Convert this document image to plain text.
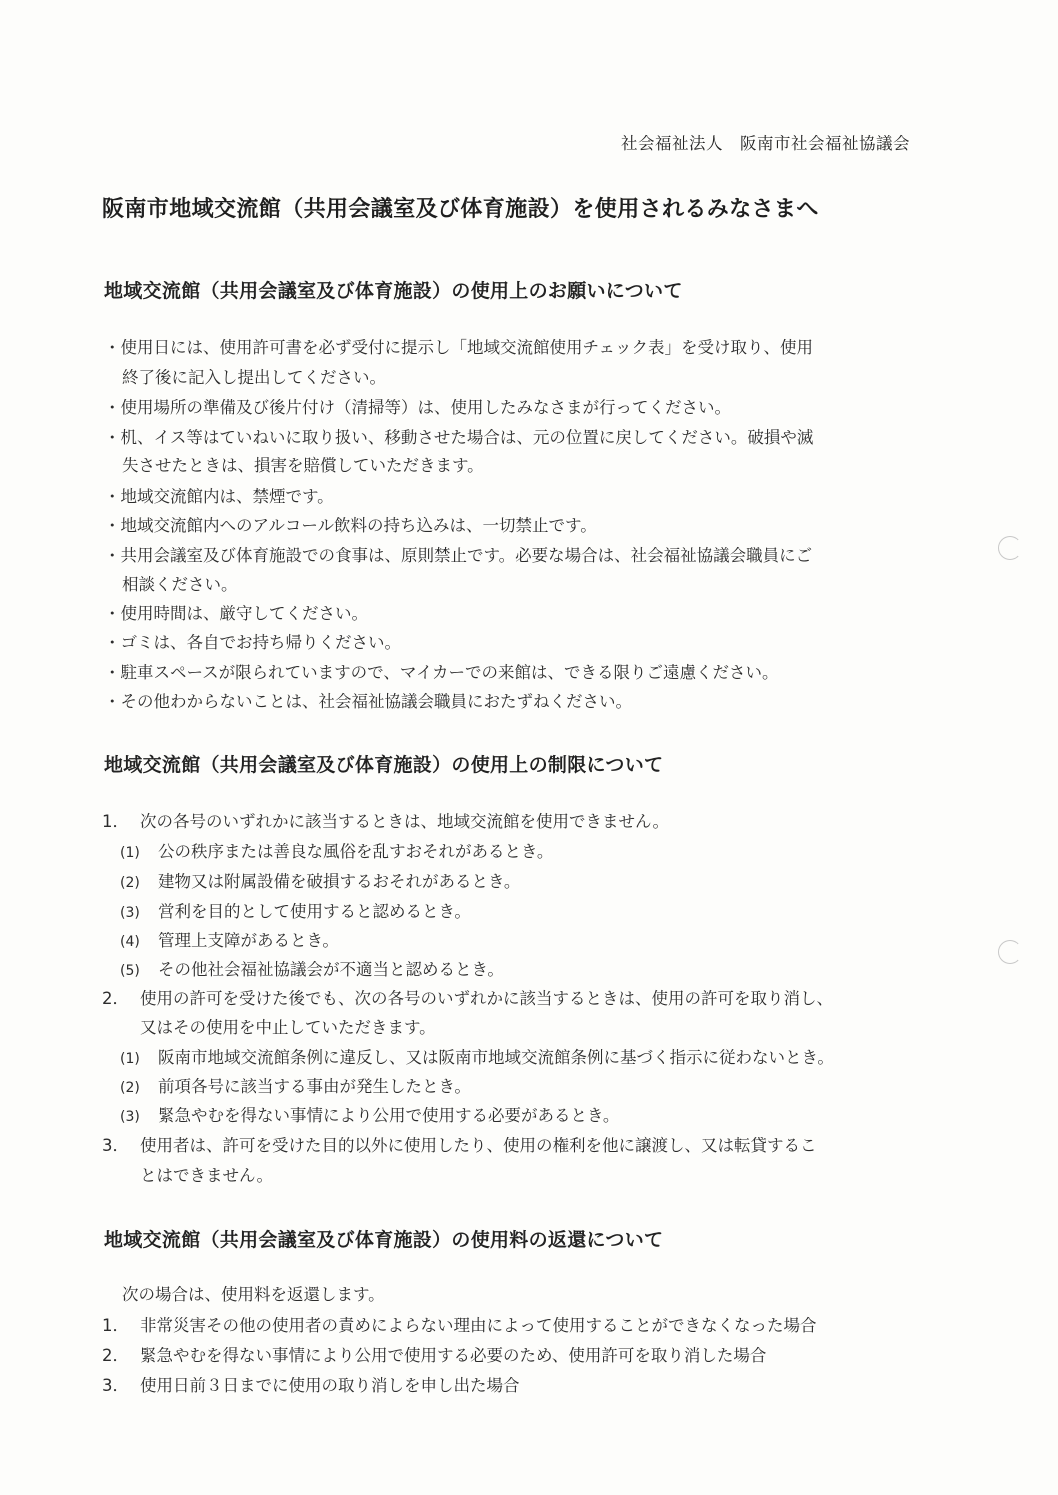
社会福祉法人　阪南市社会福祉協議会
阪南市地域交流館（共用会議室及び体育施設）を使用されるみなさまへ
地域交流館（共用会議室及び体育施設）の使用上のお願いについて
・使用日には、使用許可書を必ず受付に提示し「地域交流館使用チェック表」を受け取り、使用
終了後に記入し提出してください。
・使用場所の準備及び後片付け（清掃等）は、使用したみなさまが行ってください。
・机、イス等はていねいに取り扱い、移動させた場合は、元の位置に戻してください。破損や滅
失させたときは、損害を賠償していただきます。
・地域交流館内は、禁煙です。
・地域交流館内へのアルコール飲料の持ち込みは、一切禁止です。
・共用会議室及び体育施設での食事は、原則禁止です。必要な場合は、社会福祉協議会職員にご
相談ください。
・使用時間は、厳守してください。
・ゴミは、各自でお持ち帰りください。
・駐車スペースが限られていますので、マイカーでの来館は、できる限りご遠慮ください。
・その他わからないことは、社会福祉協議会職員におたずねください。
地域交流館（共用会議室及び体育施設）の使用上の制限について
1． 次の各号のいずれかに該当するときは、地域交流館を使用できません。
(1) 公の秩序または善良な風俗を乱すおそれがあるとき。
(2) 建物又は附属設備を破損するおそれがあるとき。
(3) 営利を目的として使用すると認めるとき。
(4) 管理上支障があるとき。
(5) その他社会福祉協議会が不適当と認めるとき。
2． 使用の許可を受けた後でも、次の各号のいずれかに該当するときは、使用の許可を取り消し、
又はその使用を中止していただきます。
(1) 阪南市地域交流館条例に違反し、又は阪南市地域交流館条例に基づく指示に従わないとき。
(2) 前項各号に該当する事由が発生したとき。
(3) 緊急やむを得ない事情により公用で使用する必要があるとき。
3． 使用者は、許可を受けた目的以外に使用したり、使用の権利を他に譲渡し、又は転貸するこ
とはできません。
地域交流館（共用会議室及び体育施設）の使用料の返還について
次の場合は、使用料を返還します。
1． 非常災害その他の使用者の責めによらない理由によって使用することができなくなった場合
2． 緊急やむを得ない事情により公用で使用する必要のため、使用許可を取り消した場合
3． 使用日前３日までに使用の取り消しを申し出た場合
